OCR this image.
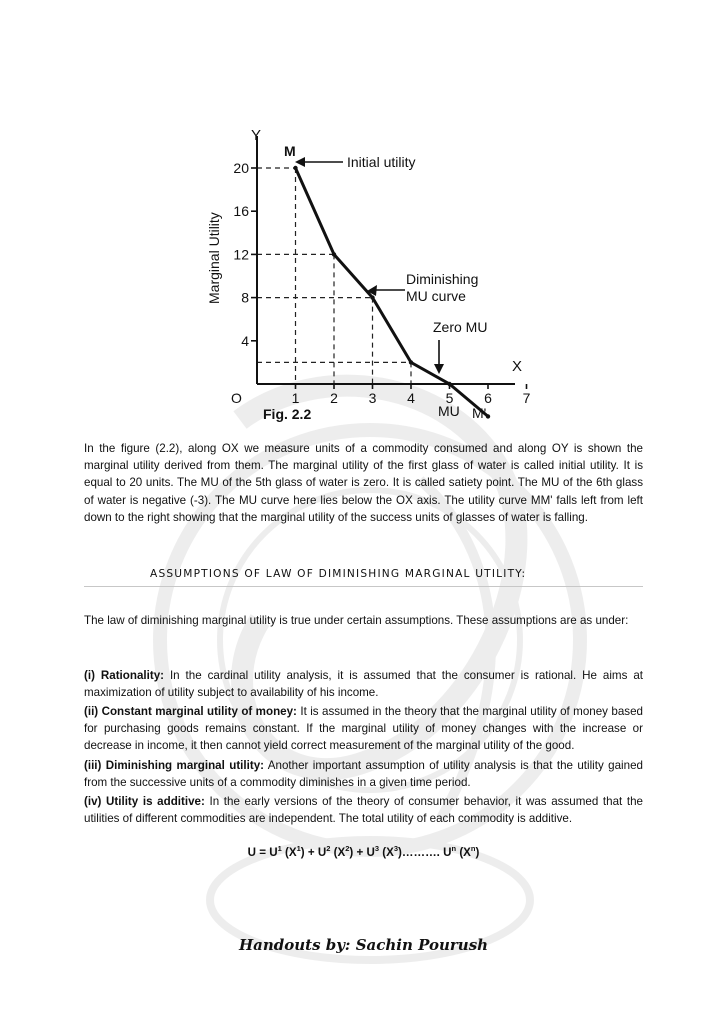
4
8
12
16
20
1 2 3 4 5 6 7
Y
X
O
Marginal Utility
M
MU M'
Fig. 2.2
Initial utility
Diminishing
MU curve
Zero MU

In the figure (2.2), along OX we measure units of a commodity consumed and along OY is shown the marginal utility derived from them. The marginal utility of the first glass of water is called initial utility. It is equal to 20 units. The MU of the 5th glass of water is zero. It is called satiety point. The MU of the 6th glass of water is negative (-3). The MU curve here lies below the OX axis. The utility curve MM' falls left from left down to the right showing that the marginal utility of the success units of glasses of water is falling.

ASSUMPTIONS OF LAW OF DIMINISHING MARGINAL UTILITY:

The law of diminishing marginal utility is true under certain assumptions. These assumptions are as under:

(i) Rationality: In the cardinal utility analysis, it is assumed that the consumer is rational. He aims at maximization of utility subject to availability of his income.

(ii) Constant marginal utility of money: It is assumed in the theory that the marginal utility of money based for purchasing goods remains constant. If the marginal utility of money changes with the increase or decrease in income, it then cannot yield correct measurement of the marginal utility of the good.

(iii) Diminishing marginal utility: Another important assumption of utility analysis is that the utility gained from the successive units of a commodity diminishes in a given time period.

(iv) Utility is additive: In the early versions of the theory of consumer behavior, it was assumed that the utilities of different commodities are independent. The total utility of each commodity is additive.

$U = U^1$ $(X^1) + U^2$ $(X^2) + U^3$ $(X^3)\dots\dots\dots$. $U^n$ $(X^n)$
Handouts by: Sachin Pourush
